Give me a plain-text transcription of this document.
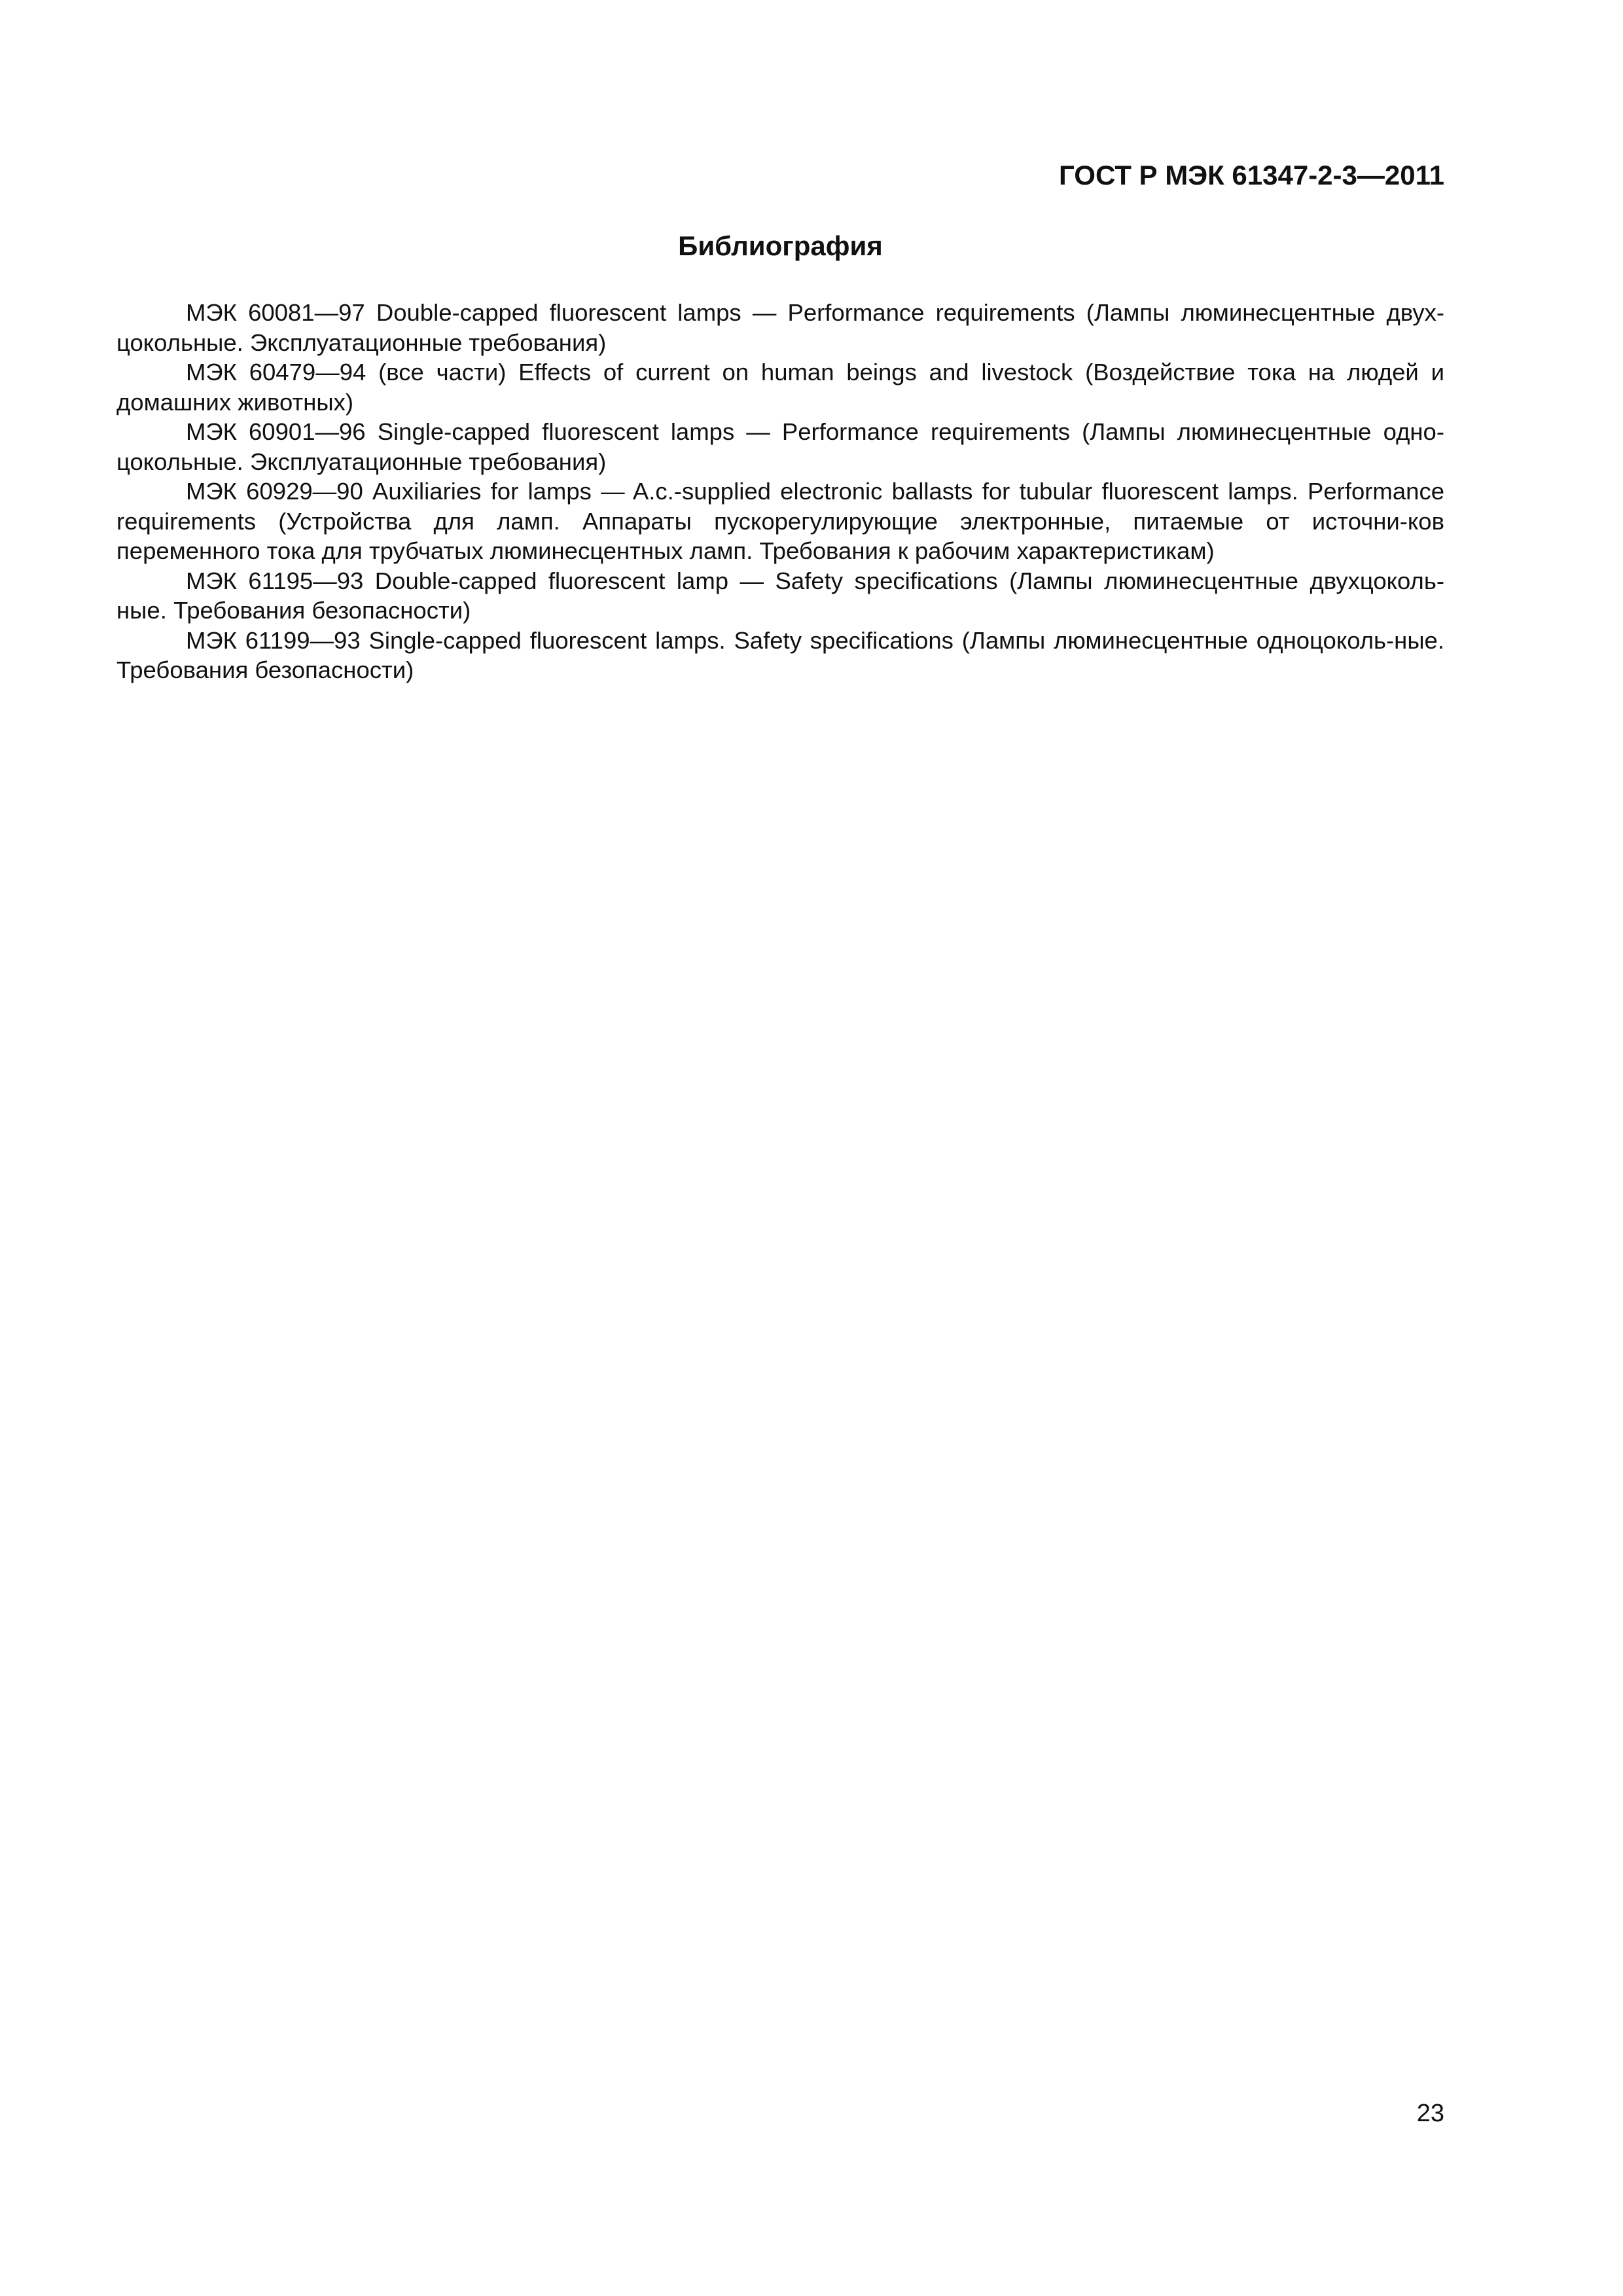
ГОСТ Р МЭК 61347-2-3—2011
Библиография

МЭК 60081—97 Double-capped fluorescent lamps — Performance requirements (Лампы люминесцентные двух-цокольные. Эксплуатационные требования)

МЭК 60479—94 (все части) Effects of current on human beings and livestock (Воздействие тока на людей и домашних животных)

МЭК 60901—96 Single-capped fluorescent lamps — Performance requirements (Лампы люминесцентные одно-цокольные. Эксплуатационные требования)

МЭК 60929—90 Auxiliaries for lamps — A.c.-supplied electronic ballasts for tubular fluorescent lamps. Performance requirements (Устройства для ламп. Аппараты пускорегулирующие электронные, питаемые от источни-ков переменного тока для трубчатых люминесцентных ламп. Требования к рабочим характеристикам)

МЭК 61195—93 Double-capped fluorescent lamp — Safety specifications (Лампы люминесцентные двухцоколь-ные. Требования безопасности)

МЭК 61199—93 Single-capped fluorescent lamps. Safety specifications (Лампы люминесцентные одноцоколь-ные. Требования безопасности)

23
